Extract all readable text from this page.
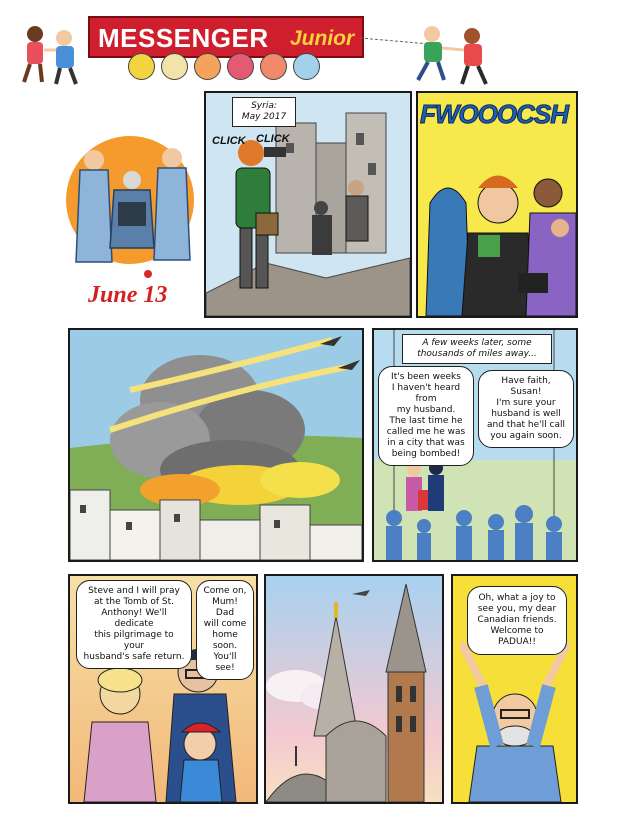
MESSENGER Junior
June 13
Syria:
May 2017
CLICK CLICK
FWOOOCSH
A few weeks later, some
thousands of miles away...
It's been weeks
I haven't heard from
my husband.
The last time he
called me he was
in a city that was
being bombed!
Have faith, Susan!
I'm sure your
husband is well
and that he'll call
you again soon.
Steve and I will pray
at the Tomb of St.
Anthony! We'll dedicate
this pilgrimage to your
husband's safe return.
Come on,
Mum! Dad
will come
home soon.
You'll see!
Oh, what a joy to
see you, my dear
Canadian friends.
Welcome to PADUA!!
